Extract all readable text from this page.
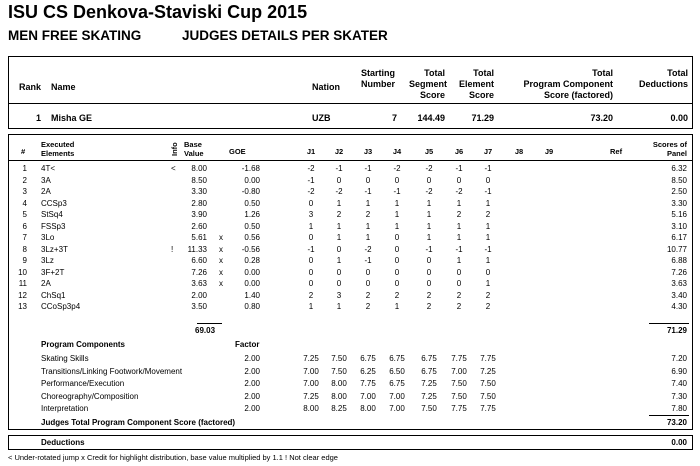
ISU CS Denkova-Staviski Cup 2015
MEN FREE SKATING	JUDGES DETAILS PER SKATER
Rank Name	Nation
Starting
Number
Total
Segment
Score
Total
Element
Score
Total
Program Component
Score (factored)
Total
Deductions
1 Misha GE	UZB	7	144.49	71.29	73.20	0.00
#
Executed
Elements	Info Base
Value	GOE	J1	J2	J3	J4	J5	J6	J7	J8	J9	Ref
Scores of
Panel
1 4T<	<	8.00	-1.68	-2	-1	-1	-2	-2	-1	-1	6.32
2 3A	8.50	0.00	-1	0	0	0	0	0	0	8.50
3 2A	3.30	-0.80	-2	-2	-1	-1	-2	-2	-1	2.50
4 CCSp3	2.80	0.50	0	1	1	1	1	1	1	3.30
5 StSq4	3.90	1.26	3	2	2	1	1	2	2	5.16
6 FSSp3	2.60	0.50	1	1	1	1	1	1	1	3.10
7 3Lo	5.61 x	0.56	0	1	1	0	1	1	1	6.17
8 3Lz+3T	!	11.33 x	-0.56	-1	0	-2	0	-1	-1	-1	10.77
9 3Lz	6.60 x	0.28	0	1	-1	0	0	1	1	6.88
10 3F+2T	7.26 x	0.00	0	0	0	0	0	0	0	7.26
11 2A	3.63 x	0.00	0	0	0	0	0	0	1	3.63
12 ChSq1	2.00	1.40	2	3	2	2	2	2	2	3.40
13 CCoSp3p4	3.50	0.80	1	1	2	1	2	2	2	4.30
69.03	71.29
Program Components	Factor
Skating Skills	2.00	7.25	7.50	6.75	6.75	6.75	7.75	7.75	7.20
Transitions/Linking Footwork/Movement	2.00	7.00	7.50	6.25	6.50	6.75	7.00	7.25	6.90
Performance/Execution	2.00	7.00	8.00	7.75	6.75	7.25	7.50	7.50	7.40
Choreography/Composition	2.00	7.25	8.00	7.00	7.00	7.25	7.50	7.50	7.30
Interpretation	2.00	8.00	8.25	8.00	7.00	7.50	7.75	7.75	7.80
Judges Total Program Component Score (factored)	73.20
Deductions	0.00
< Under-rotated jump x Credit for highlight distribution, base value multiplied by 1.1 ! Not clear edge
